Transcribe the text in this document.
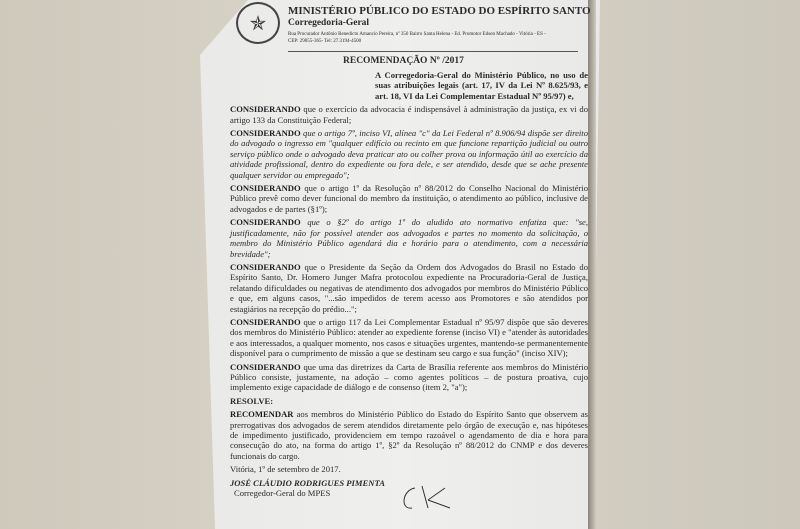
✯
MINISTÉRIO PÚBLICO DO ESTADO DO ESPÍRITO SANTO
Corregedoria-Geral
Rua Procurador Antônio Benedicto Amancio Pereira, nº 350 Bairro Santa Helena - Ed. Promotor Edson Machado - Vitória - ES -
CEP: 29055-365- Tel: 27.3194-4500
RECOMENDAÇÃO Nº /2017
A Corregedoria-Geral do Ministério Público, no uso de suas atribuições legais (art. 17, IV da Lei Nº 8.625/93, e art. 18, VI da Lei Complementar Estadual Nº 95/97) e,
CONSIDERANDO que o exercício da advocacia é indispensável à administração da justiça, ex vi do artigo 133 da Constituição Federal;
CONSIDERANDO que o artigo 7º, inciso VI, alínea "c" da Lei Federal nº 8.906/94 dispõe ser direito do advogado o ingresso em "qualquer edifício ou recinto em que funcione repartição judicial ou outro serviço público onde o advogado deva praticar ato ou colher prova ou informação útil ao exercício da atividade profissional, dentro do expediente ou fora dele, e ser atendido, desde que se ache presente qualquer servidor ou empregado";
CONSIDERANDO que o artigo 1º da Resolução nº 88/2012 do Conselho Nacional do Ministério Público prevê como dever funcional do membro da instituição, o atendimento ao público, inclusive de advogados e de partes (§1º);
CONSIDERANDO que o §2º do artigo 1º do aludido ato normativo enfatiza que: "se, justificadamente, não for possível atender aos advogados e partes no momento da solicitação, o membro do Ministério Público agendará dia e horário para o atendimento, com a necessária brevidade";
CONSIDERANDO que o Presidente da Seção da Ordem dos Advogados do Brasil no Estado do Espírito Santo, Dr. Homero Junger Mafra protocolou expediente na Procuradoria-Geral de Justiça, relatando dificuldades ou negativas de atendimento dos advogados por membros do Ministério Público e que, em alguns casos, "...são impedidos de terem acesso aos Promotores e são atendidos por estagiários na recepção do prédio...";
CONSIDERANDO que o artigo 117 da Lei Complementar Estadual nº 95/97 dispõe que são deveres dos membros do Ministério Público: atender ao expediente forense (inciso VI) e "atender às autoridades e aos interessados, a qualquer momento, nos casos e situações urgentes, mantendo-se permanentemente disponível para o cumprimento de missão a que se destinam seu cargo e sua função" (inciso XIV);
CONSIDERANDO que uma das diretrizes da Carta de Brasília referente aos membros do Ministério Público consiste, justamente, na adoção – como agentes políticos – de postura proativa, cujo implemento exige capacidade de diálogo e de consenso (item 2, "a");
RESOLVE:
RECOMENDAR aos membros do Ministério Público do Estado do Espírito Santo que observem as prerrogativas dos advogados de serem atendidos diretamente pelo órgão de execução e, nas hipóteses de impedimento justificado, providenciem em tempo razoável o agendamento de dia e hora para consecução do ato, na forma do artigo 1º, §2º da Resolução nº 88/2012 do CNMP e dos deveres funcionais do cargo.
Vitória, 1º de setembro de 2017.
JOSÉ CLÁUDIO RODRIGUES PIMENTA
Corregedor-Geral do MPES
